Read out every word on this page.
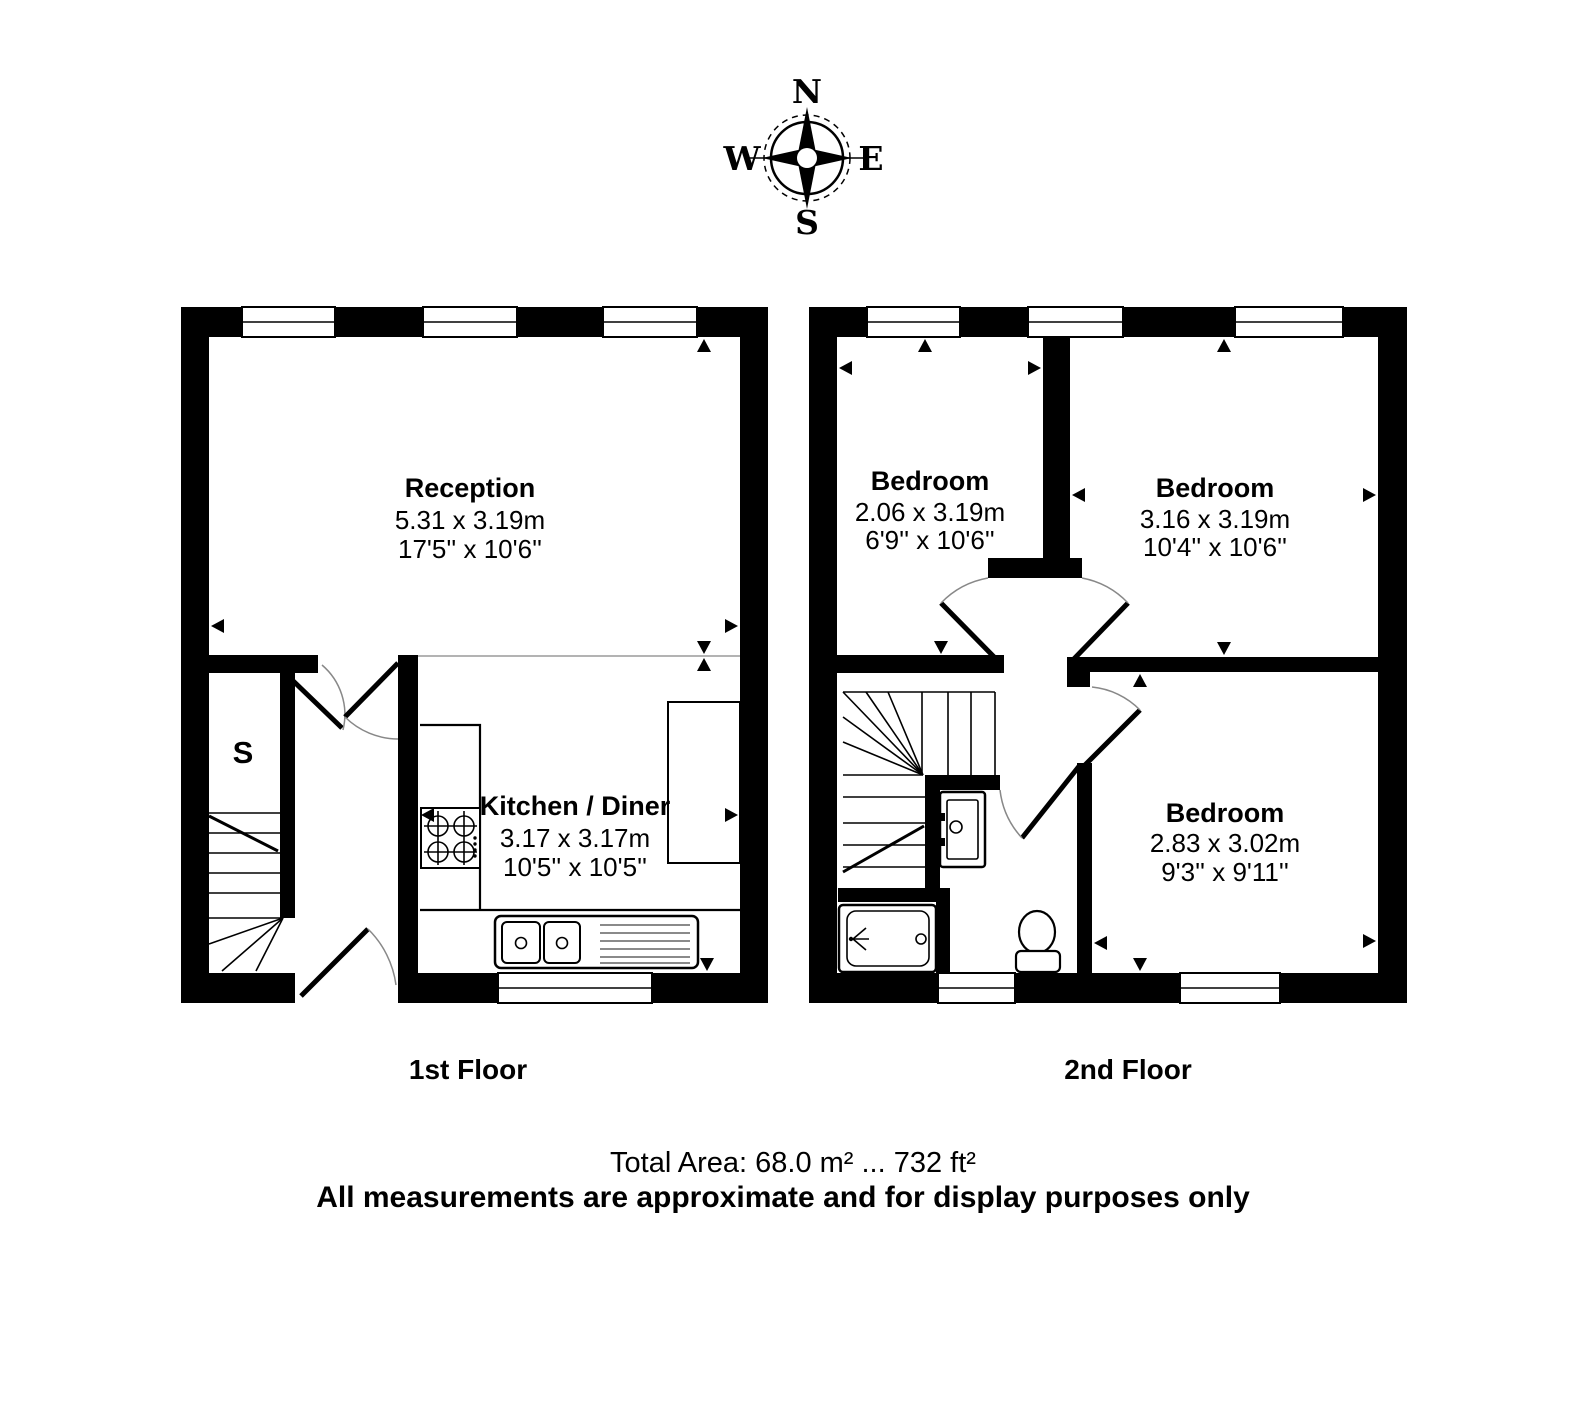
N
E
S
W
S
Reception
5.31 x 3.19m
17'5'' x 10'6''
Kitchen / Diner
3.17 x 3.17m
10'5'' x 10'5''
Bedroom
2.06 x 3.19m
6'9'' x 10'6''
Bedroom
3.16 x 3.19m
10'4'' x 10'6''
Bedroom
2.83 x 3.02m
9'3'' x 9'11''
1st Floor	2nd Floor
Total Area: 68.0 m² ... 732 ft²
All measurements are approximate and for display purposes only
